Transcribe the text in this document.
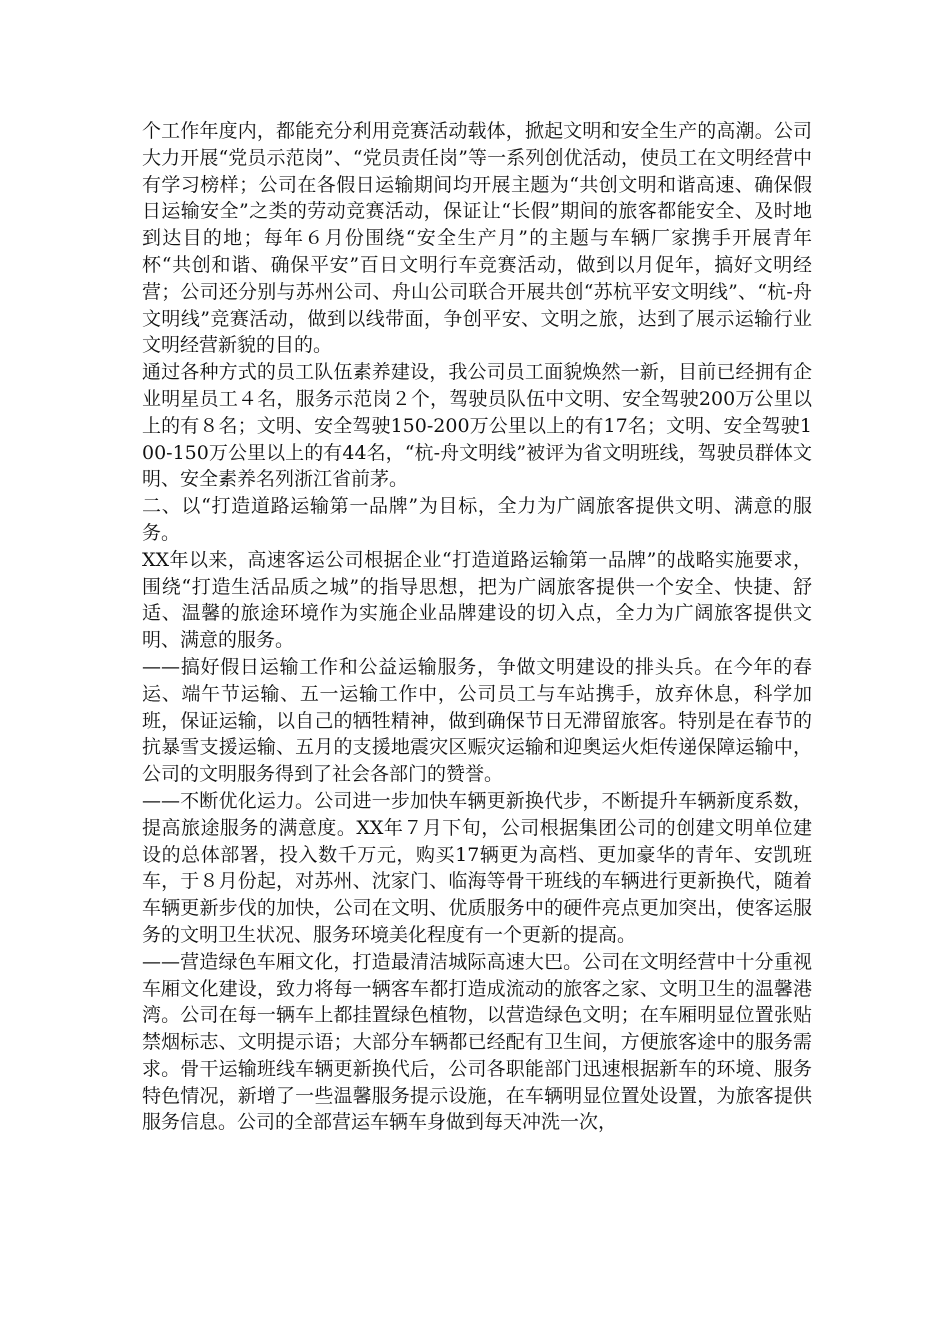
个工作年度内，都能充分利用竞赛活动载体，掀起文明和安全生产的高潮。公司大力开展“党员示范岗”、“党员责任岗”等一系列创优活动，使员工在文明经营中有学习榜样；公司在各假日运输期间均开展主题为“共创文明和谐高速、确保假日运输安全”之类的劳动竞赛活动，保证让“长假”期间的旅客都能安全、及时地到达目的地；每年６月份围绕“安全生产月”的主题与车辆厂家携手开展青年杯“共创和谐、确保平安”百日文明行车竞赛活动，做到以月促年，搞好文明经营；公司还分别与苏州公司、舟山公司联合开展共创“苏杭平安文明线”、“杭-舟文明线”竞赛活动，做到以线带面，争创平安、文明之旅，达到了展示运输行业文明经营新貌的目的。

通过各种方式的员工队伍素养建设，我公司员工面貌焕然一新，目前已经拥有企业明星员工４名，服务示范岗２个，驾驶员队伍中文明、安全驾驶200万公里以上的有８名；文明、安全驾驶150-200万公里以上的有17名；文明、安全驾驶100-150万公里以上的有44名，“杭-舟文明线”被评为省文明班线，驾驶员群体文明、安全素养名列浙江省前茅。

二、以“打造道路运输第一品牌”为目标，全力为广阔旅客提供文明、满意的服务。

XX年以来，高速客运公司根据企业“打造道路运输第一品牌”的战略实施要求，围绕“打造生活品质之城”的指导思想，把为广阔旅客提供一个安全、快捷、舒适、温馨的旅途环境作为实施企业品牌建设的切入点，全力为广阔旅客提供文明、满意的服务。

——搞好假日运输工作和公益运输服务，争做文明建设的排头兵。在今年的春运、端午节运输、五一运输工作中，公司员工与车站携手，放弃休息，科学加班，保证运输，以自己的牺牲精神，做到确保节日无滞留旅客。特别是在春节的抗暴雪支援运输、五月的支援地震灾区赈灾运输和迎奥运火炬传递保障运输中，公司的文明服务得到了社会各部门的赞誉。

——不断优化运力。公司进一步加快车辆更新换代步，不断提升车辆新度系数，提高旅途服务的满意度。XX年７月下旬，公司根据集团公司的创建文明单位建设的总体部署，投入数千万元，购买17辆更为高档、更加豪华的青年、安凯班车，于８月份起，对苏州、沈家门、临海等骨干班线的车辆进行更新换代，随着车辆更新步伐的加快，公司在文明、优质服务中的硬件亮点更加突出，使客运服务的文明卫生状况、服务环境美化程度有一个更新的提高。

——营造绿色车厢文化，打造最清洁城际高速大巴。公司在文明经营中十分重视车厢文化建设，致力将每一辆客车都打造成流动的旅客之家、文明卫生的温馨港湾。公司在每一辆车上都挂置绿色植物，以营造绿色文明；在车厢明显位置张贴禁烟标志、文明提示语；大部分车辆都已经配有卫生间，方便旅客途中的服务需求。骨干运输班线车辆更新换代后，公司各职能部门迅速根据新车的环境、服务特色情况，新增了一些温馨服务提示设施，在车辆明显位置处设置，为旅客提供服务信息。公司的全部营运车辆车身做到每天冲洗一次，
